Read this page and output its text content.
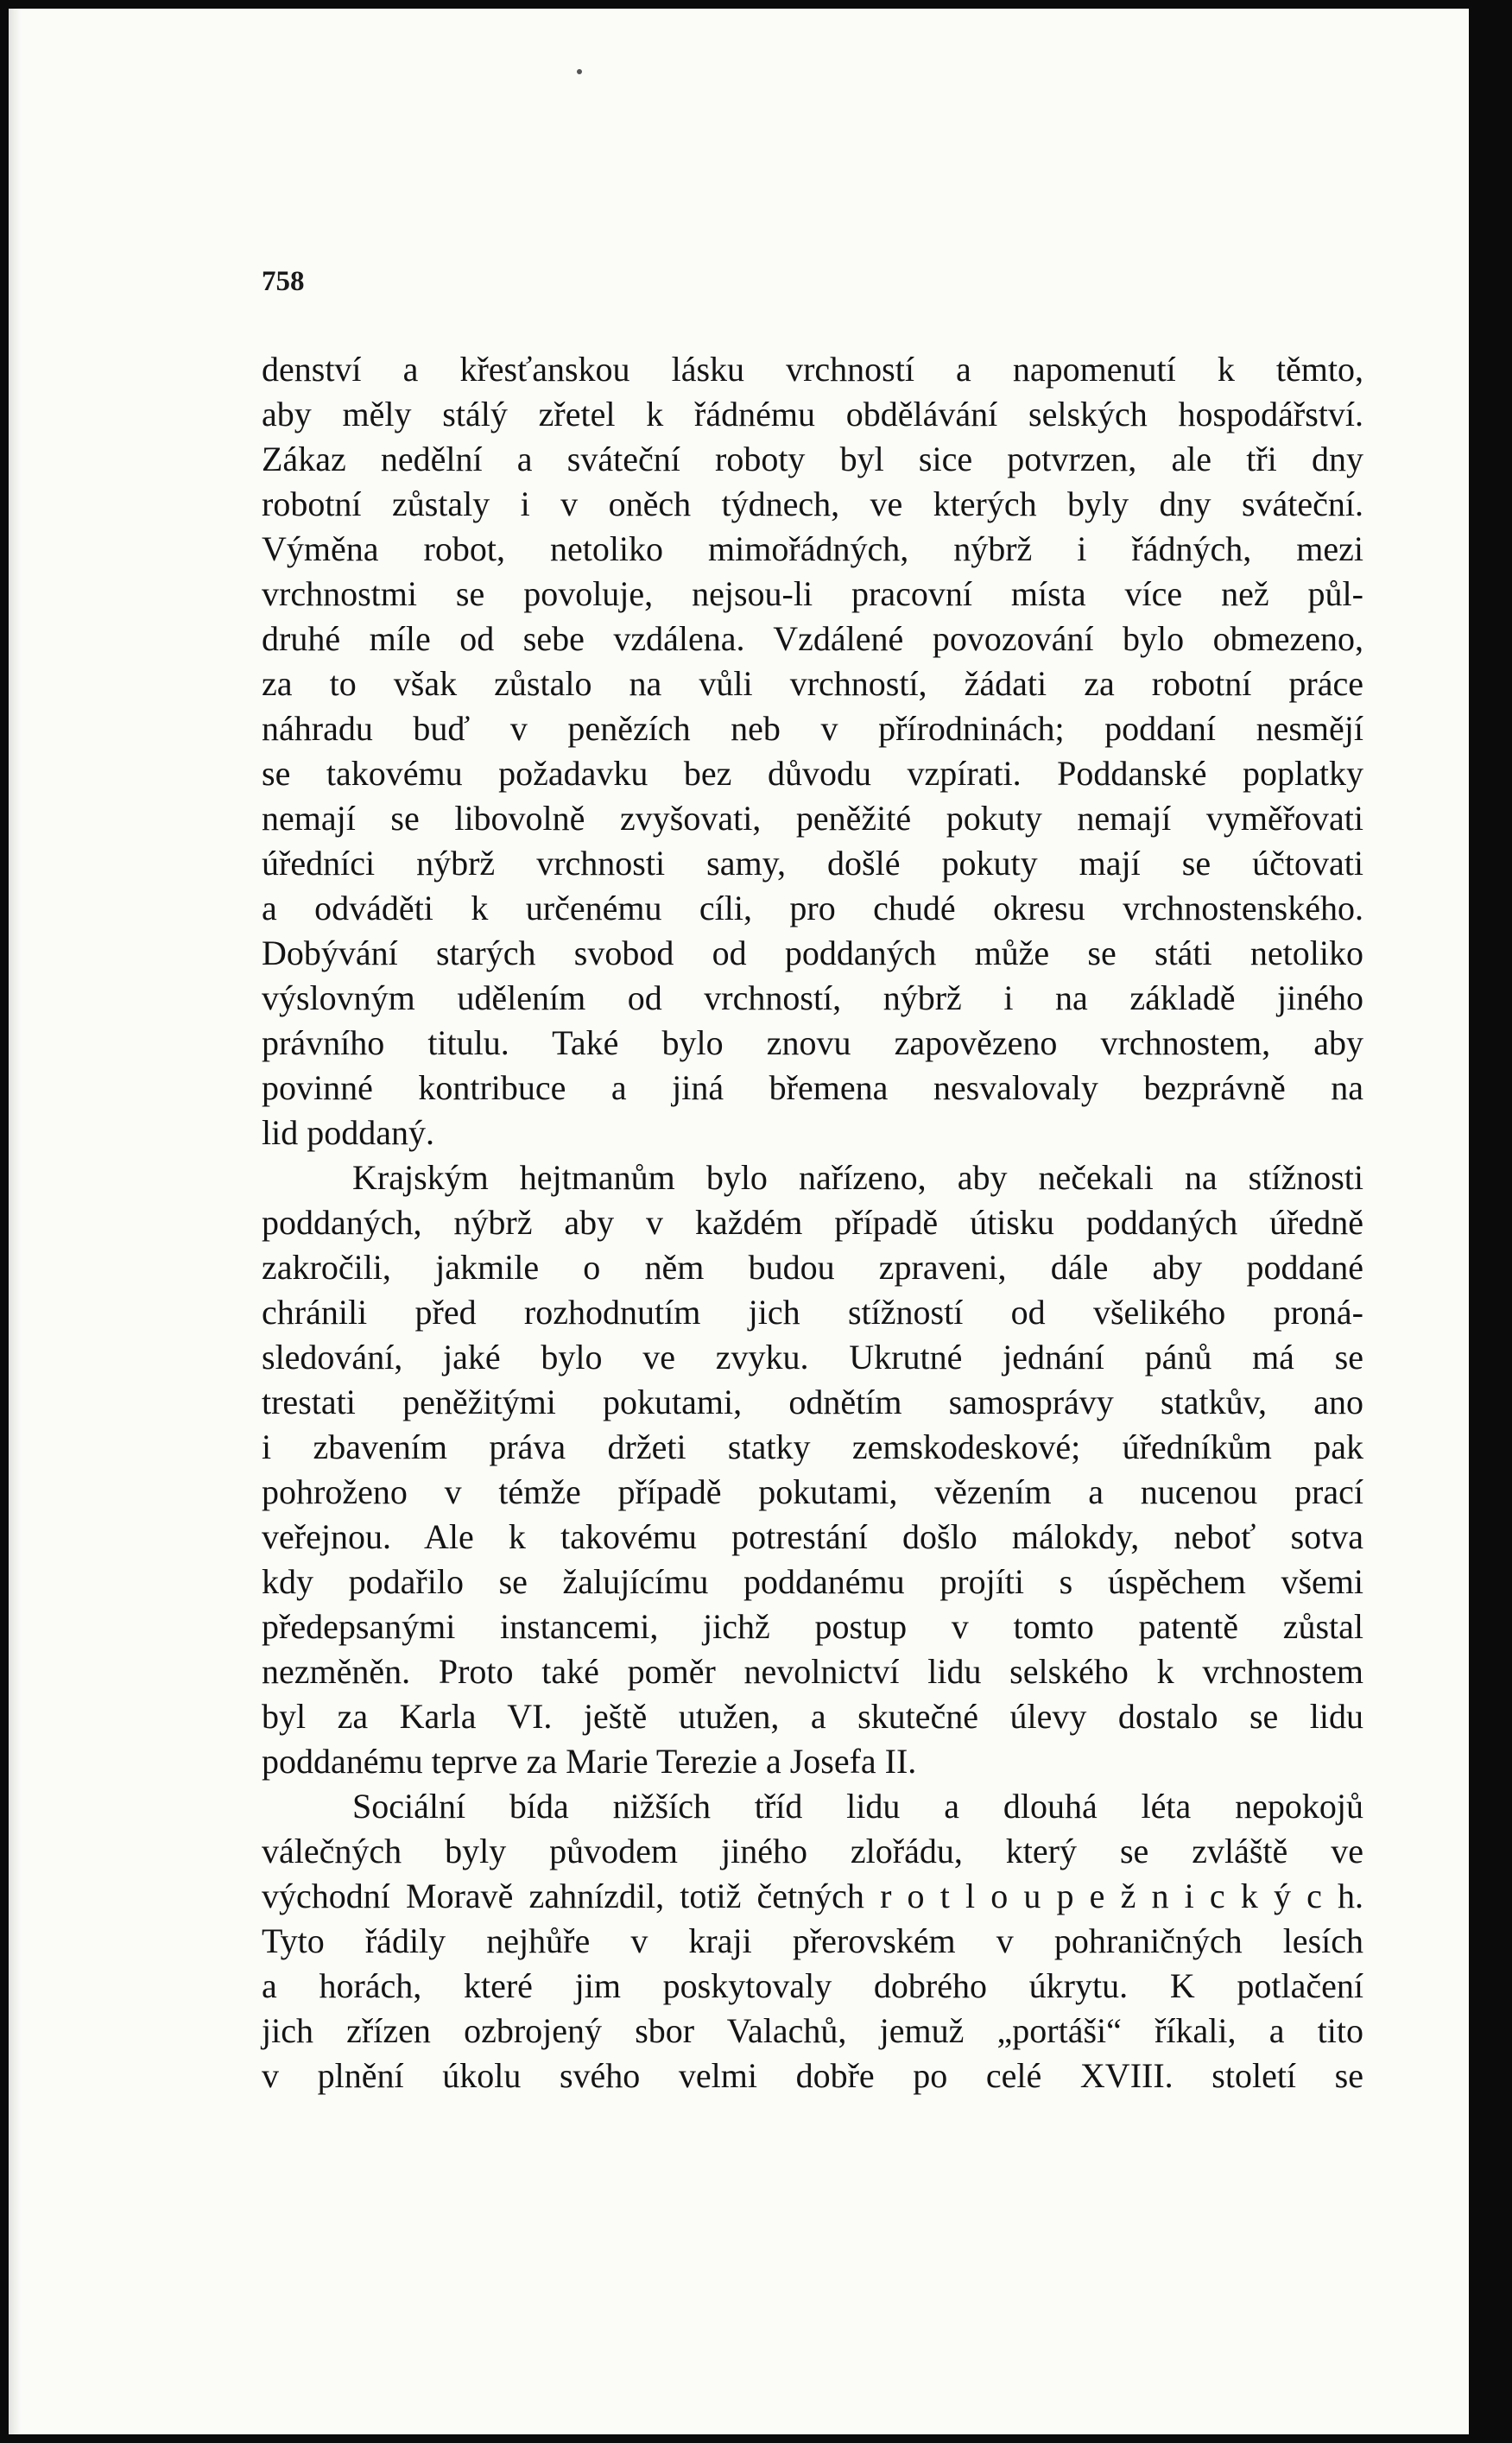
758
denství a křesťanskou lásku vrchností a napomenutí k těmto,
aby měly stálý zřetel k řádnému obdělávání selských hospodářství.
Zákaz nedělní a sváteční roboty byl sice potvrzen, ale tři dny
robotní zůstaly i v oněch týdnech, ve kterých byly dny sváteční.
Výměna robot, netoliko mimořádných, nýbrž i řádných, mezi
vrchnostmi se povoluje, nejsou-li pracovní místa více než půl-
druhé míle od sebe vzdálena. Vzdálené povozování bylo obmezeno,
za to však zůstalo na vůli vrchností, žádati za robotní práce
náhradu buď v penězích neb v přírodninách; poddaní nesmějí
se takovému požadavku bez důvodu vzpírati. Poddanské poplatky
nemají se libovolně zvyšovati, peněžité pokuty nemají vyměřovati
úředníci nýbrž vrchnosti samy, došlé pokuty mají se účtovati
a odváděti k určenému cíli, pro chudé okresu vrchnostenského.
Dobývání starých svobod od poddaných může se státi netoliko
výslovným udělením od vrchností, nýbrž i na základě jiného
právního titulu. Také bylo znovu zapovězeno vrchnostem, aby
povinné kontribuce a jiná břemena nesvalovaly bezprávně na
lid poddaný.
Krajským hejtmanům bylo nařízeno, aby nečekali na stížnosti
poddaných, nýbrž aby v každém případě útisku poddaných úředně
zakročili, jakmile o něm budou zpraveni, dále aby poddané
chránili před rozhodnutím jich stížností od všelikého proná-
sledování, jaké bylo ve zvyku. Ukrutné jednání pánů má se
trestati peněžitými pokutami, odnětím samosprávy statkův, ano
i zbavením práva držeti statky zemskodeskové; úředníkům pak
pohroženo v témže případě pokutami, vězením a nucenou prací
veřejnou. Ale k takovému potrestání došlo málokdy, neboť sotva
kdy podařilo se žalujícímu poddanému projíti s úspěchem všemi
předepsanými instancemi, jichž postup v tomto patentě zůstal
nezměněn. Proto také poměr nevolnictví lidu selského k vrchnostem
byl za Karla VI. ještě utužen, a skutečné úlevy dostalo se lidu
poddanému teprve za Marie Terezie a Josefa II.
Sociální bída nižších tříd lidu a dlouhá léta nepokojů
válečných byly původem jiného zlořádu, který se zvláště ve
východní Moravě zahnízdil, totiž četných r o t l o u p e ž n i c k ý c h.
Tyto řádily nejhůře v kraji přerovském v pohraničných lesích
a horách, které jim poskytovaly dobrého úkrytu. K potlačení
jich zřízen ozbrojený sbor Valachů, jemuž „portáši“ říkali, a tito
v plnění úkolu svého velmi dobře po celé XVIII. století se
